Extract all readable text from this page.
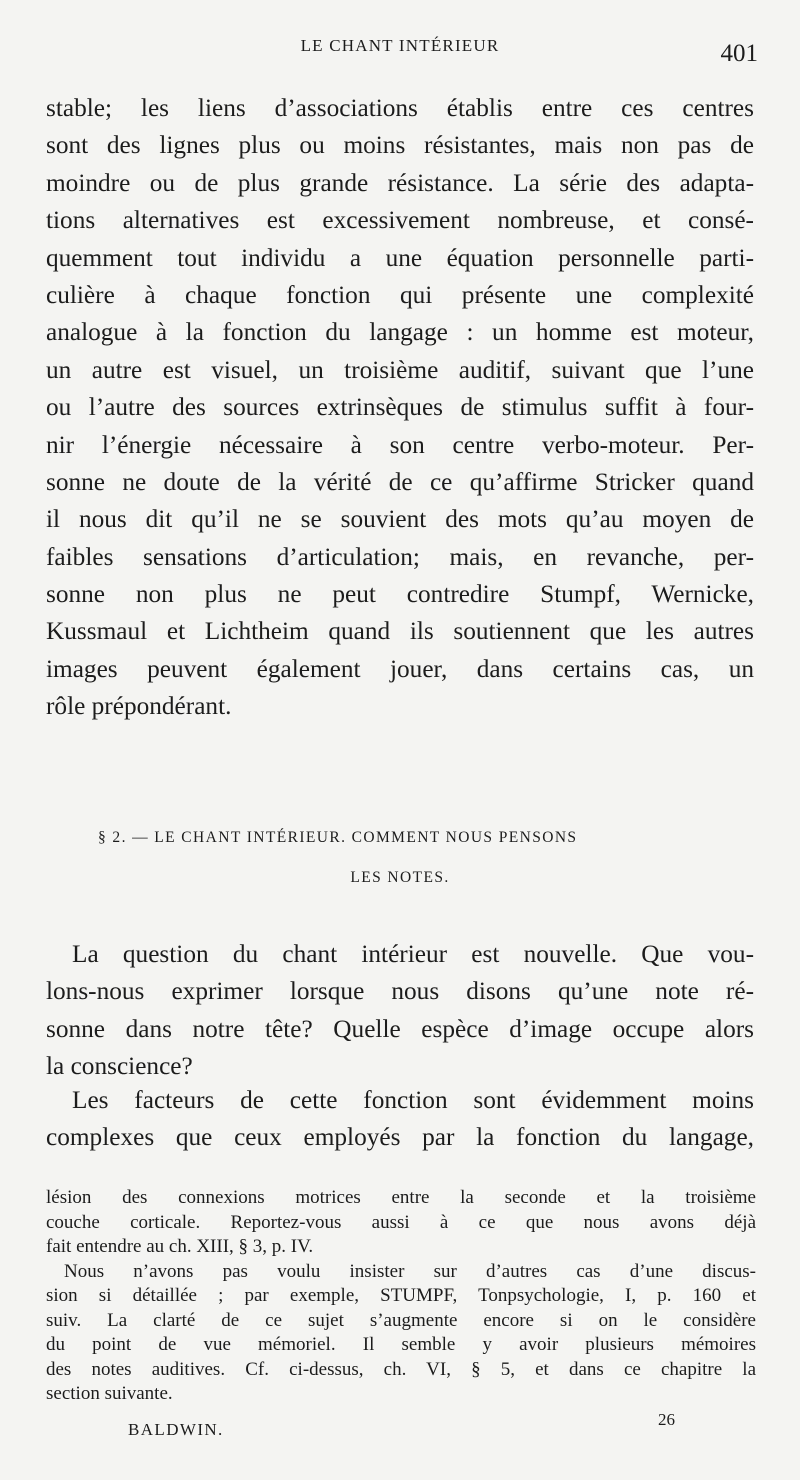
LE CHANT INTÉRIEUR	401
stable; les liens d’associations établis entre ces centres
sont des lignes plus ou moins résistantes, mais non pas de
moindre ou de plus grande résistance. La série des adapta-
tions alternatives est excessivement nombreuse, et consé-
quemment tout individu a une équation personnelle parti-
culière à chaque fonction qui présente une complexité
analogue à la fonction du langage : un homme est moteur,
un autre est visuel, un troisième auditif, suivant que l’une
ou l’autre des sources extrinsèques de stimulus suffit à four-
nir l’énergie nécessaire à son centre verbo-moteur. Per-
sonne ne doute de la vérité de ce qu’affirme Stricker quand
il nous dit qu’il ne se souvient des mots qu’au moyen de
faibles sensations d’articulation; mais, en revanche, per-
sonne non plus ne peut contredire Stumpf, Wernicke,
Kussmaul et Lichtheim quand ils soutiennent que les autres
images peuvent également jouer, dans certains cas, un
rôle prépondérant.
§ 2. — LE CHANT INTÉRIEUR. COMMENT NOUS PENSONS
LES NOTES.
La question du chant intérieur est nouvelle. Que vou-
lons-nous exprimer lorsque nous disons qu’une note ré-
sonne dans notre tête? Quelle espèce d’image occupe alors
la conscience?
Les facteurs de cette fonction sont évidemment moins
complexes que ceux employés par la fonction du langage,
lésion des connexions motrices entre la seconde et la troisième
couche corticale. Reportez-vous aussi à ce que nous avons déjà
fait entendre au ch. XIII, § 3, p. IV.
Nous n’avons pas voulu insister sur d’autres cas d’une discus-
sion si détaillée ; par exemple, STUMPF, Tonpsychologie, I, p. 160 et
suiv. La clarté de ce sujet s’augmente encore si on le considère
du point de vue mémoriel. Il semble y avoir plusieurs mémoires
des notes auditives. Cf. ci-dessus, ch. VI, § 5, et dans ce chapitre la
section suivante.
BALDWIN.
26
